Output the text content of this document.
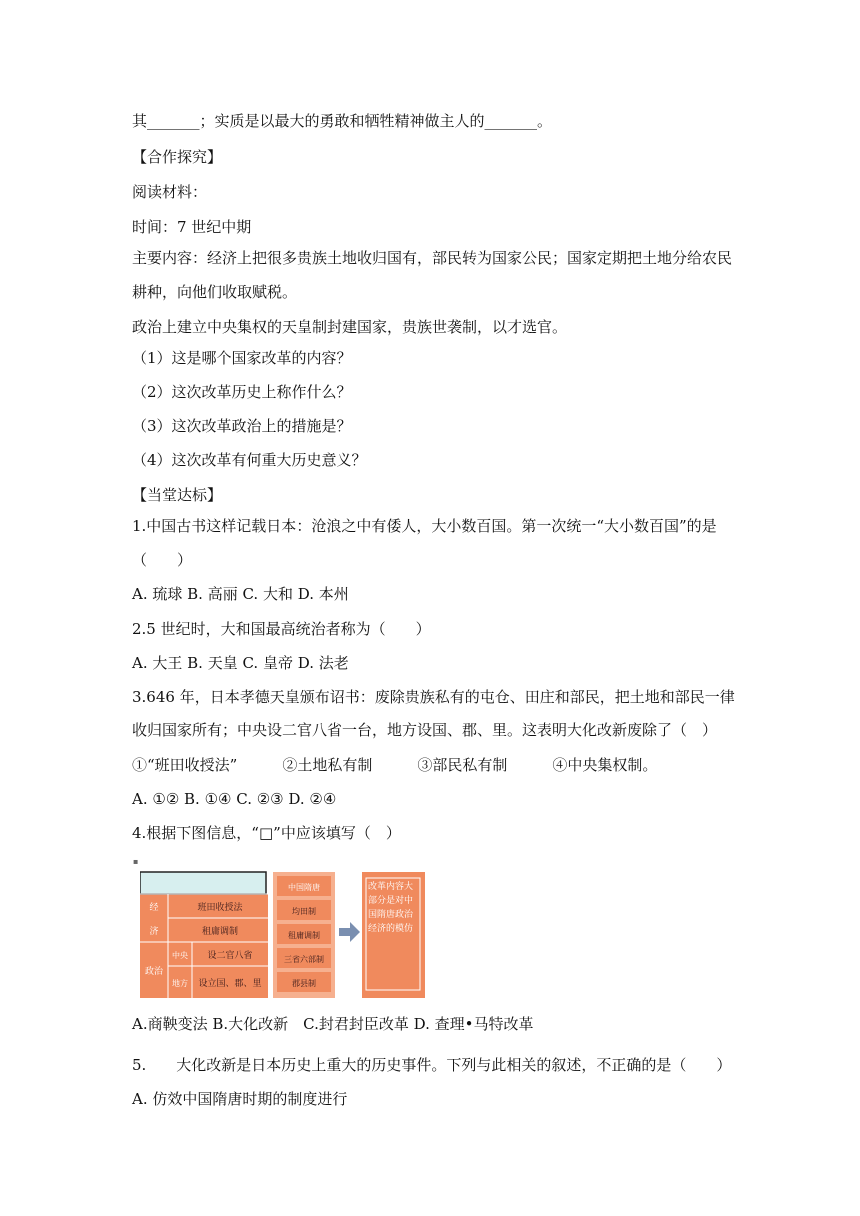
其_______；实质是以最大的勇敢和牺牲精神做主人的_______。
【合作探究】
阅读材料：
时间：7 世纪中期
主要内容：经济上把很多贵族土地收归国有，部民转为国家公民；国家定期把土地分给农民
耕种，向他们收取赋税。
政治上建立中央集权的天皇制封建国家，贵族世袭制，以才选官。
（1）这是哪个国家改革的内容？
（2）这次改革历史上称作什么？
（3）这次改革政治上的措施是？
（4）这次改革有何重大历史意义？
【当堂达标】
1.中国古书这样记载日本：沧浪之中有倭人，大小数百国。第一次统一“大小数百国”的是
（　　）
A. 琉球 B. 高丽 C. 大和 D. 本州
2.5 世纪时，大和国最高统治者称为（　　）
A. 大王 B. 天皇 C. 皇帝 D. 法老
3.646 年，日本孝德天皇颁布诏书：废除贵族私有的屯仓、田庄和部民，把土地和部民一律
收归国家所有；中央设二官八省一台，地方设国、郡、里。这表明大化改新废除了（　）
①“班田收授法”　　　②土地私有制　　　③部民私有制　　　④中央集权制。
A. ①② B. ①④ C. ②③ D. ②④
4.根据下图信息，“□”中应该填写（　）
▪
经
济
政治
中央
地方
班田收授法
租庸调制
设二官八省
设立国、郡、里
中国隋唐
均田制
租庸调制
三省六部制
郡县制
改革内容大部分是对中国隋唐政治经济的模仿
A.商鞅变法 B.大化改新　C.封君封臣改革 D. 查理•马特改革
5.　　大化改新是日本历史上重大的历史事件。下列与此相关的叙述，不正确的是（　　）
A. 仿效中国隋唐时期的制度进行
